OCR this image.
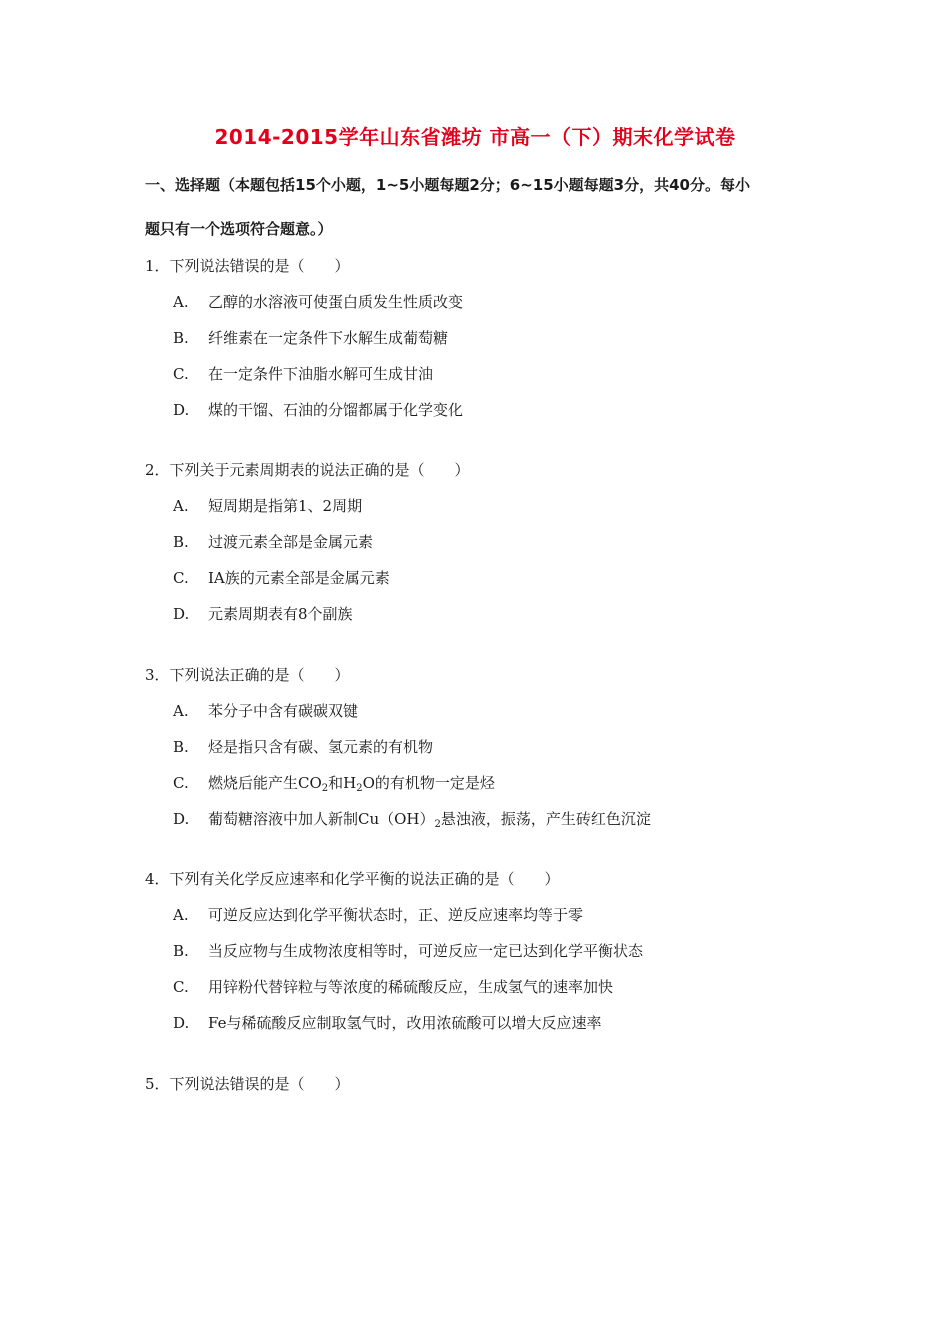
2014-2015学年山东省潍坊 市高一（下）期末化学试卷
一、选择题（本题包括15个小题，1~5小题每题2分；6~15小题每题3分，共40分。每小
题只有一个选项符合题意。）
1．下列说法错误的是（　　）
A. 乙醇的水溶液可使蛋白质发生性质改变
B. 纤维素在一定条件下水解生成葡萄糖
C. 在一定条件下油脂水解可生成甘油
D. 煤的干馏、石油的分馏都属于化学变化
2．下列关于元素周期表的说法正确的是（　　）
A. 短周期是指第1、2周期
B. 过渡元素全部是金属元素
C. ⅠA族的元素全部是金属元素
D. 元素周期表有8个副族
3．下列说法正确的是（　　）
A. 苯分子中含有碳碳双键
B. 烃是指只含有碳、氢元素的有机物
C. 燃烧后能产生$CO_2$和$H_2O$的有机物一定是烃
D. 葡萄糖溶液中加人新制$Cu(OH)_2$悬浊液，振荡，产生砖红色沉淀
4．下列有关化学反应速率和化学平衡的说法正确的是（　　）
A. 可逆反应达到化学平衡状态时，正、逆反应速率均等于零
B. 当反应物与生成物浓度相等时，可逆反应一定已达到化学平衡状态
C. 用锌粉代替锌粒与等浓度的稀硫酸反应，生成氢气的速率加快
D. Fe与稀硫酸反应制取氢气时，改用浓硫酸可以增大反应速率
5．下列说法错误的是（　　）
